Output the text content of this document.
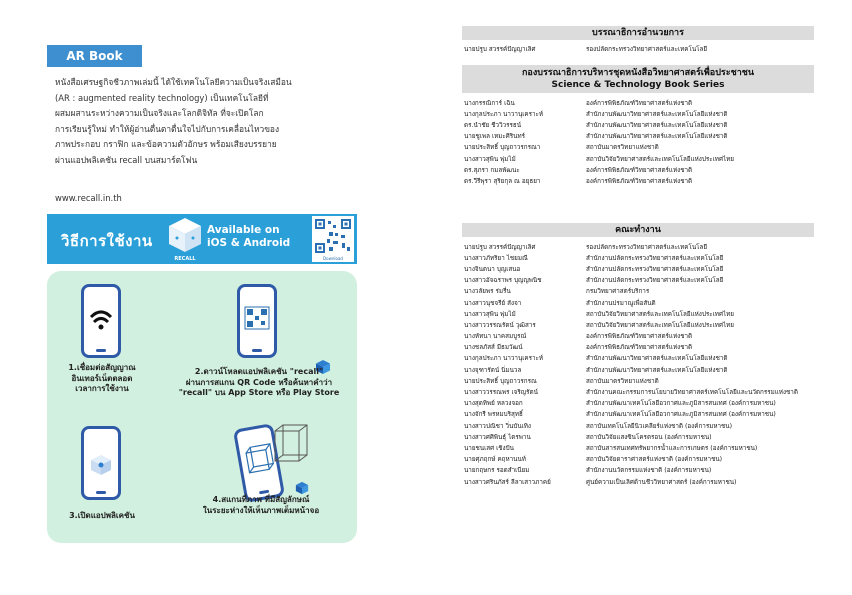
AR Book
หนังสือเศรษฐกิจชีวภาพเล่มนี้ ได้ใช้เทคโนโลยีความเป็นจริงเสมือน
(AR : augmented reality technology) เป็นเทคโนโลยีที่
ผสมผสานระหว่างความเป็นจริงและโลกดิจิทัล ที่จะเปิดโลก
การเรียนรู้ใหม่ ทำให้ผู้อ่านตื่นตาตื่นใจไปกับการเคลื่อนไหวของ
ภาพประกอบ กราฟิก และข้อความตัวอักษร พร้อมเสียงบรรยาย
ผ่านแอปพลิเคชัน recall บนสมาร์ตโฟน
www.recall.in.th
วิธีการใช้งาน
RECALL
Available on
iOS & Android
Download
1.เชื่อมต่อสัญญาณ
อินเทอร์เน็ตตลอด
เวลาการใช้งาน
2.ดาวน์โหลดแอปพลิเคชัน "recall"
ผ่านการสแกน QR Code หรือค้นหาคำว่า
"recall" บน App Store หรือ Play Store
3.เปิดแอปพลิเคชัน
4.สแกนที่ภาพ ที่มีสัญลักษณ์
ในระยะห่างให้เห็นภาพเต็มหน้าจอ
บรรณาธิการอำนวยการ
นายปรูบ สวรรค์ปัญญาเลิศ	รองปลัดกระทรวงวิทยาศาสตร์และเทคโนโลยี
กองบรรณาธิการบริหารชุดหนังสือวิทยาศาสตร์เพื่อประชาชน
Science & Technology Book Series
นางกรรณิการ์ เฉิน	องค์การพิพิธภัณฑ์วิทยาศาสตร์แห่งชาติ
นางกุลประภา นาวานุเคราะห์	สำนักงานพัฒนาวิทยาศาสตร์และเทคโนโลยีแห่งชาติ
ดร.นำชัย ชีววิวรรธน์	สำนักงานพัฒนาวิทยาศาสตร์และเทคโนโลยีแห่งชาติ
นายชูเพล เหมะศิรินทร์	สำนักงานพัฒนาวิทยาศาสตร์และเทคโนโลยีแห่งชาติ
นายประสิทธิ์ บุญถาวรกรณา	สถาบันมาตรวิทยาแห่งชาติ
นางสาวสุพิน พุ่มไม้	สถาบันวิจัยวิทยาศาสตร์และเทคโนโลยีแห่งประเทศไทย
ดร.สุภรา กมลพัฒนะ	องค์การพิพิธภัณฑ์วิทยาศาสตร์แห่งชาติ
ดร.วีรีพุรา สุริยกุล ณ อยุธยา	องค์การพิพิธภัณฑ์วิทยาศาสตร์แห่งชาติ
คณะทำงาน
นายปรูบ สวรรค์ปัญญาเลิศ	รองปลัดกระทรวงวิทยาศาสตร์และเทคโนโลยี
นางสาวภัทริยา ไชยมณี	สำนักงานปลัดกระทรวงวิทยาศาสตร์และเทคโนโลยี
นางจินตนา บุญเสนอ	สำนักงานปลัดกระทรวงวิทยาศาสตร์และเทคโนโลยี
นางสาวอัจฉราพร บุญญพนิช	สำนักงานปลัดกระทรวงวิทยาศาสตร์และเทคโนโลยี
นางวลัยพร ร่มรื่น	กรมวิทยาศาสตร์บริการ
นางสาวนุชจรีย์ สังจา	สำนักงานปรมาณูเพื่อสันติ
นางสาวสุพิน พุ่มไม้	สถาบันวิจัยวิทยาศาสตร์และเทคโนโลยีแห่งประเทศไทย
นางสาววรรณรัตน์ วุฒิสาร	สถาบันวิจัยวิทยาศาสตร์และเทคโนโลยีแห่งประเทศไทย
นางหัทนา นาคสมบูรณ์	องค์การพิพิธภัณฑ์วิทยาศาสตร์แห่งชาติ
นางชลภัสส์ มีธมวัฒน์	องค์การพิพิธภัณฑ์วิทยาศาสตร์แห่งชาติ
นางกุลประภา นาวานุเคราะห์	สำนักงานพัฒนาวิทยาศาสตร์และเทคโนโลยีแห่งชาติ
นางจุฑารัตน์ นิ่มนวล	สำนักงานพัฒนาวิทยาศาสตร์และเทคโนโลยีแห่งชาติ
นายประสิทธิ์ บุญถาวรกรณ	สถาบันมาตรวิทยาแห่งชาติ
นางสาววรรณพร เจริญรัตน์	สำนักงานคณะกรรมการนโยบายวิทยาศาสตร์เทคโนโลยีและนวัตกรรมแห่งชาติ
นางสุดทิพย์ หลวงจอก	สำนักงานพัฒนาเทคโนโลยีอวกาศและภูมิสารสนเทศ (องค์การมหาชน)
นางจักรี พรหมบริสุทธิ์	สำนักงานพัฒนาเทคโนโลยีอวกาศและภูมิสารสนเทศ (องค์การมหาชน)
นางสาวปณิชา วิ่นบันเทิง	สถาบันเทคโนโลยีนิวเคลียร์แห่งชาติ (องค์การมหาชน)
นางสาวศศิพินธุ์ ไตรพาน	สถาบันวิจัยแสงซินโครตรอน (องค์การมหาชน)
นายชนเสศ เชิงปัน	สถาบันสารสนเทศทรัพยากรน้ำและการเกษตร (องค์การมหาชน)
นายศุภฤกษ์ คฤหานนท์	สถาบันวิจัยดาราศาสตร์แห่งชาติ (องค์การมหาชน)
นายกฤษกร รอดสำเนียม	สำนักงานนวัตกรรมแห่งชาติ (องค์การมหาชน)
นางสาวศรินภัสร์ ลีลาเสาวภาคย์	ศูนย์ความเป็นเลิศด้านชีววิทยาศาสตร์ (องค์การมหาชน)
